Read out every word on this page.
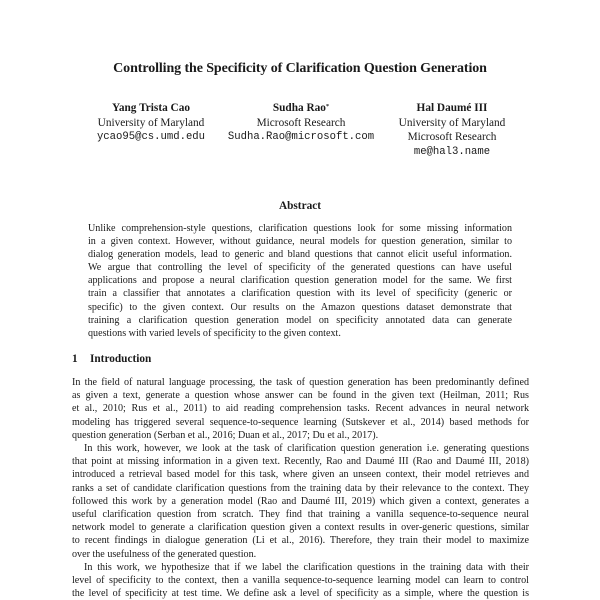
Controlling the Specificity of Clarification Question Generation
Yang Trista Cao
University of Maryland
ycao95@cs.umd.edu
Sudha Rao*
Microsoft Research
Sudha.Rao@microsoft.com
Hal Daumé III
University of Maryland
Microsoft Research
me@hal3.name
Abstract
Unlike comprehension-style questions, clarification questions look for some missing information
in a given context. However, without guidance, neural models for question generation, similar to
dialog generation models, lead to generic and bland questions that cannot elicit useful information.
We argue that controlling the level of specificity of the generated questions can have useful
applications and propose a neural clarification question generation model for the same. We first
train a classifier that annotates a clarification question with its level of specificity (generic or
specific) to the given context. Our results on the Amazon questions dataset demonstrate that
training a clarification question generation model on specificity annotated data can generate
questions with varied levels of specificity to the given context.
1 Introduction
In the field of natural language processing, the task of question generation has been predominantly defined
as given a text, generate a question whose answer can be found in the given text (Heilman, 2011; Rus
et al., 2010; Rus et al., 2011) to aid reading comprehension tasks. Recent advances in neural network
modeling has triggered several sequence-to-sequence learning (Sutskever et al., 2014) based methods for
question generation (Serban et al., 2016; Duan et al., 2017; Du et al., 2017).
In this work, however, we look at the task of clarification question generation i.e. generating questions
that point at missing information in a given text. Recently, Rao and Daumé III (Rao and Daumé III, 2018)
introduced a retrieval based model for this task, where given an unseen context, their model retrieves and
ranks a set of candidate clarification questions from the training data by their relevance to the context. They
followed this work by a generation model (Rao and Daumé III, 2019) which given a context, generates a
useful clarification question from scratch. They find that training a vanilla sequence-to-sequence neural
network model to generate a clarification question given a context results in over-generic questions, similar
to recent findings in dialogue generation (Li et al., 2016). Therefore, they train their model to maximize
over the usefulness of the generated question.
In this work, we hypothesize that if we label the clarification questions in the training data with their
level of specificity to the context, then a vanilla sequence-to-sequence learning model can learn to control
the level of specificity at test time. We define ask a level of specificity as a simple, where the question is
